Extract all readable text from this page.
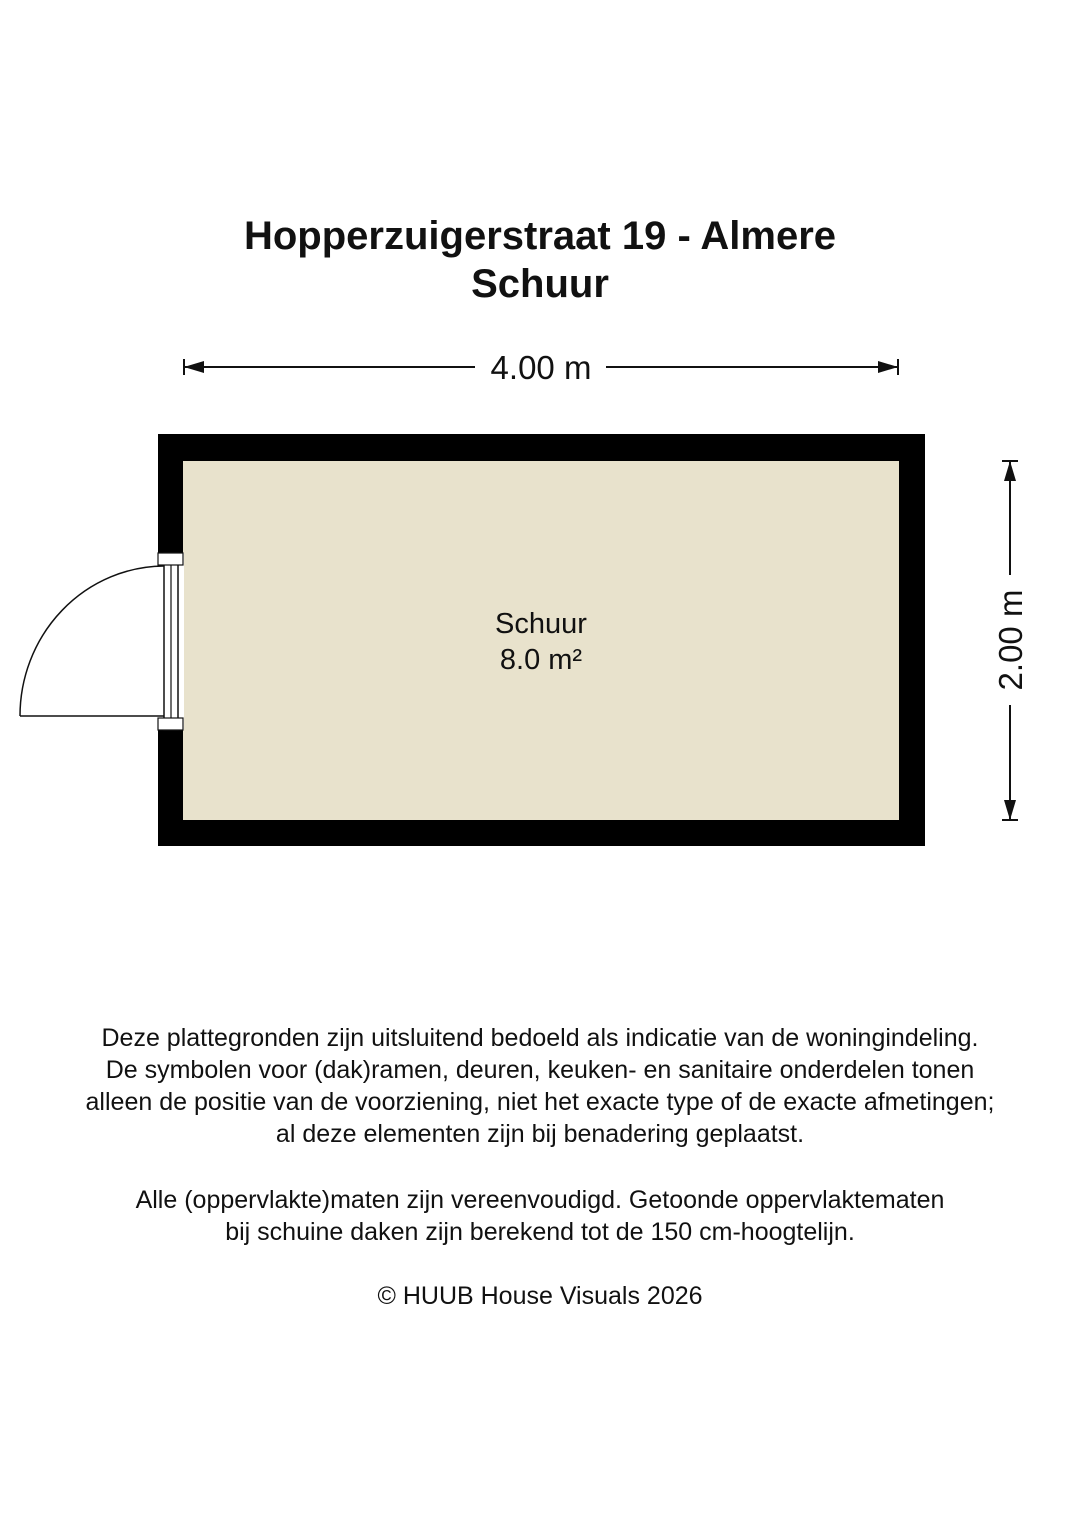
Hopperzuigerstraat 19 - Almere
Schuur
4.00 m
2.00 m
Schuur
8.0 m²
Deze plattegronden zijn uitsluitend bedoeld als indicatie van de woningindeling.
De symbolen voor (dak)ramen, deuren, keuken- en sanitaire onderdelen tonen
alleen de positie van de voorziening, niet het exacte type of de exacte afmetingen;
al deze elementen zijn bij benadering geplaatst.
Alle (oppervlakte)maten zijn vereenvoudigd. Getoonde oppervlaktematen
bij schuine daken zijn berekend tot de 150 cm-hoogtelijn.
© HUUB House Visuals 2026
